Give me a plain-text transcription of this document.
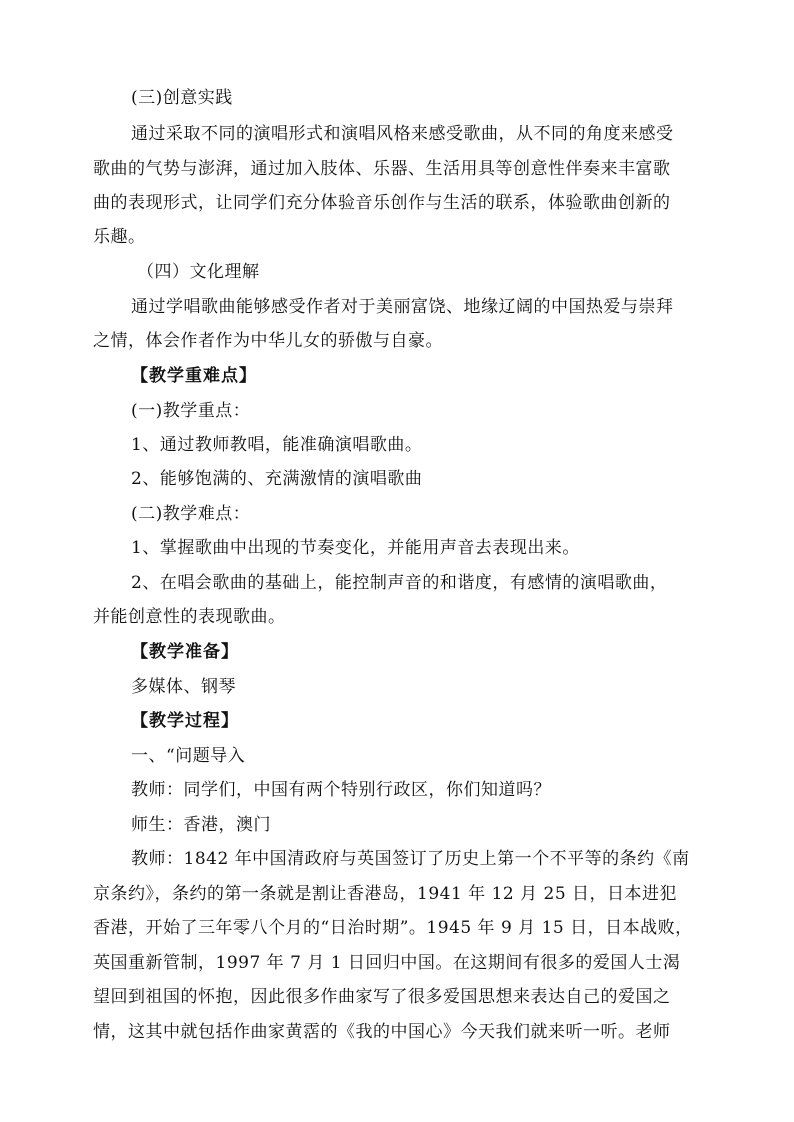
(三)创意实践
通过采取不同的演唱形式和演唱风格来感受歌曲，从不同的角度来感受
歌曲的气势与澎湃，通过加入肢体、乐器、生活用具等创意性伴奏来丰富歌
曲的表现形式，让同学们充分体验音乐创作与生活的联系，体验歌曲创新的
乐趣。
（四）文化理解
通过学唱歌曲能够感受作者对于美丽富饶、地缘辽阔的中国热爱与崇拜
之情，体会作者作为中华儿女的骄傲与自豪。
【教学重难点】
(一)教学重点：
1、通过教师教唱，能准确演唱歌曲。
2、能够饱满的、充满激情的演唱歌曲
(二)教学难点：
1、掌握歌曲中出现的节奏变化，并能用声音去表现出来。
2、在唱会歌曲的基础上，能控制声音的和谐度，有感情的演唱歌曲，
并能创意性的表现歌曲。
【教学准备】
多媒体、钢琴
【教学过程】
一、“问题导入
教师：同学们，中国有两个特别行政区，你们知道吗？
师生：香港，澳门
教师：1842 年中国清政府与英国签订了历史上第一个不平等的条约《南
京条约》，条约的第一条就是割让香港岛，1941 年 12 月 25 日，日本进犯
香港，开始了三年零八个月的“日治时期”。1945 年 9 月 15 日，日本战败，
英国重新管制，1997 年 7 月 1 日回归中国。在这期间有很多的爱国人士渴
望回到祖国的怀抱，因此很多作曲家写了很多爱国思想来表达自己的爱国之
情，这其中就包括作曲家黄霑的《我的中国心》今天我们就来听一听。老师
